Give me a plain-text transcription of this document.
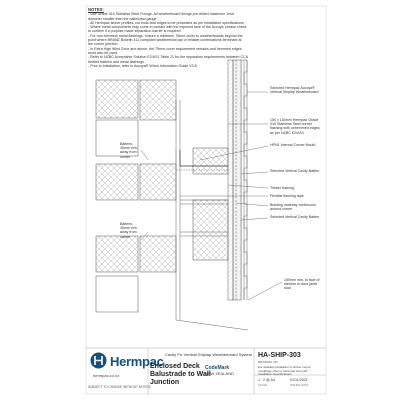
NOTES:
- Use Grade 316 Stainless Steel Fixings. All weatherboard fixings pre-drilled maximum 1mm
diameter smaller than the nail/screw gauge
- All Hermpac timber profiles, cut ends and edges to be presealed as per installation specifications
- Where metal components may come in contact with the exposed face of the Accoya, please check
to confirm if a purpose made separation barrier is required
- For non-trimmed/ metal flashings, ensure a minimum 75mm cover to weatherboards beyond the
point where BRANZ Bulletin 411 compliant weathertwist tap or reliable combinations terminate at
the corner junction
- In Extra High Wind Zone and above, the 75mm cover requirement remains and hemmed edges
must also be used
- Refer to NZBC Acceptable Solution E2/AS1 Table 21 for the separation requirements between CCA
treated battens and metal flashings
- Prior to installation, refer to Accoya® Wood Information Guide V3.8
Selected Hermpac Accoya® Vertical Shiplap Weatherboard
150 x 150mm Hermpac Grade 316 Stainless Steel corner flashing with unhemmed edges as per NZBC E2/AS1
HPN1 Internal Corner Mould
Selected Vertical Cavity Batten
Timber framing
Flexible flashing tape
Building underlay continuous around corner
Selected Vertical Cavity Batten
Battens 45mm min. away from corner
Battens 45mm min. away from corner
150mm min. to face of window or door jamb stud
Hermpac
hermpac.co.nz
SUBJECT TO CHANGE WITHOUT NOTICE
Cavity Fix Vertical Shiplap Weatherboard System
Enclosed Deck
Balustrade to Wall
Junction
CodeMark
NEW ZEALAND
HA-SHIP-303
DRAWING NO.
For detailed installation of timber corner mouldings refer to Hermpac Accoya® Installation Specifications
1 : 2 @ A4
SCALE
01/11/2021
ISSUED DATE
